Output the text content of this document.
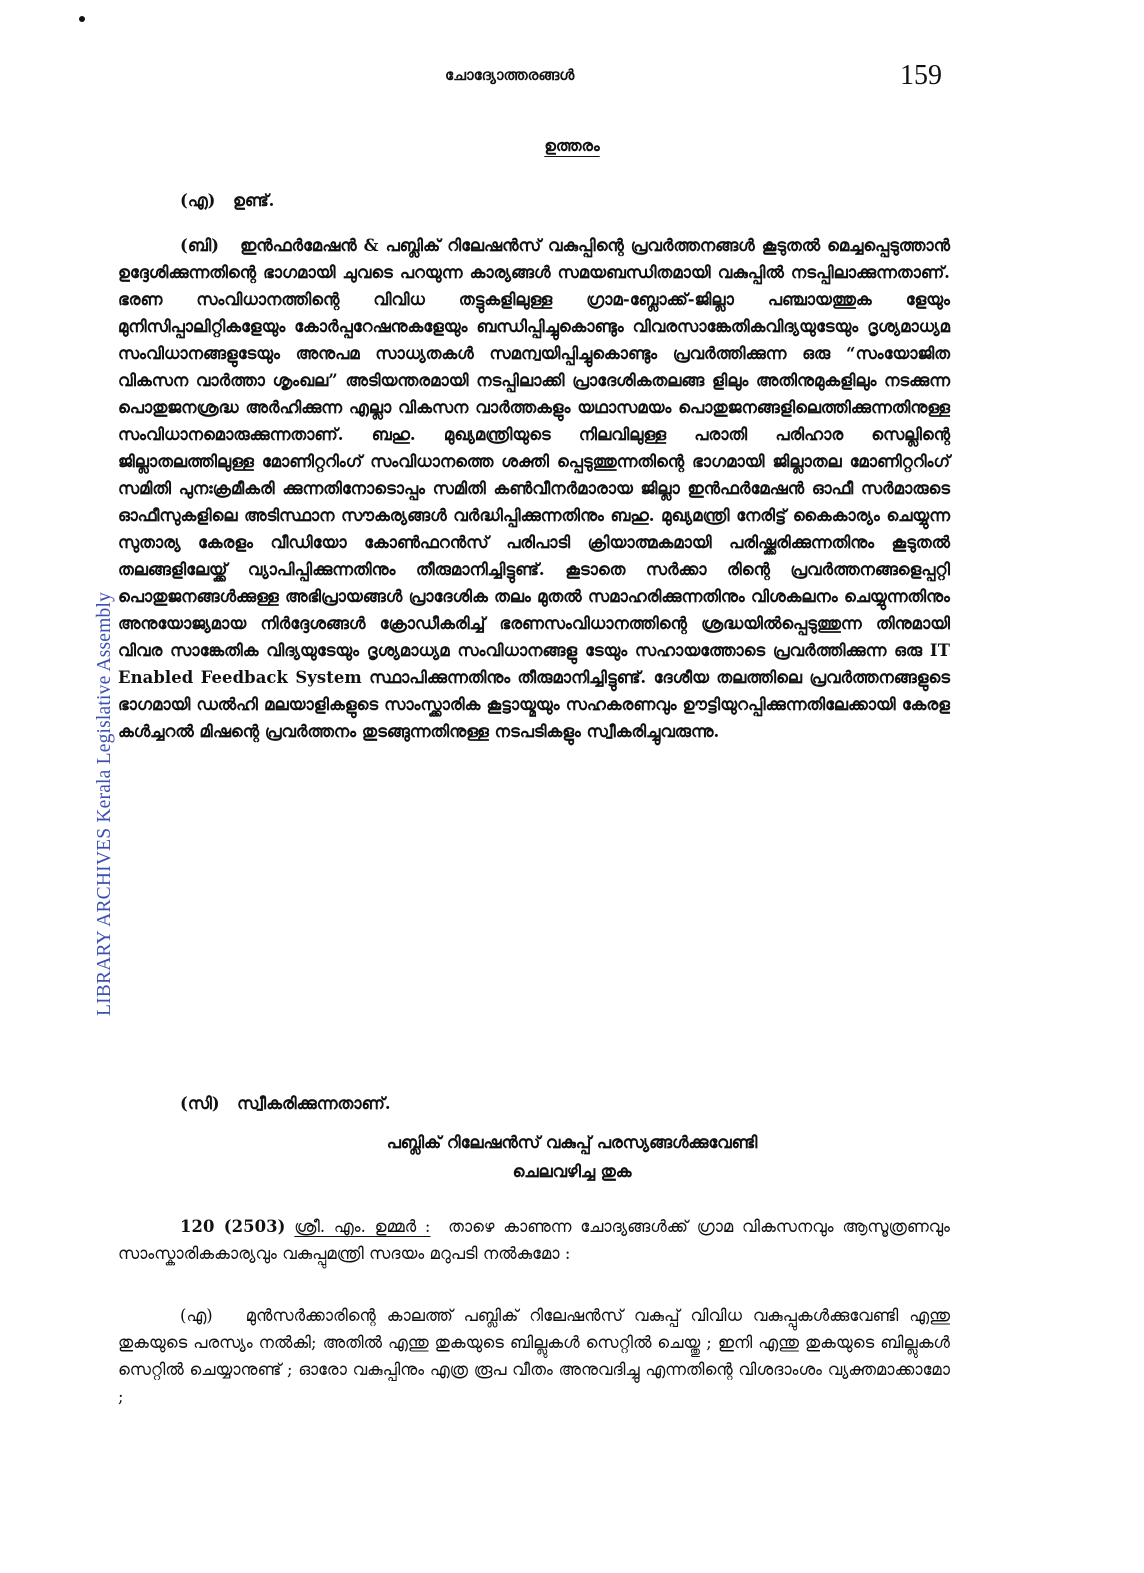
ചോദ്യോത്തരങ്ങൾ	159
ഉത്തരം

(എ) ഉണ്ട്.

(ബി) ഇൻഫർമേഷൻ & പബ്ലിക് റിലേഷൻസ് വകുപ്പിന്റെ പ്രവർത്തനങ്ങൾ കൂടുതൽ മെച്ചപ്പെടുത്താൻ ഉദ്ദേശിക്കുന്നതിന്റെ ഭാഗമായി ചുവടെ പറയുന്ന കാര്യങ്ങൾ സമയബന്ധിതമായി വകുപ്പിൽ നടപ്പിലാക്കുന്നതാണ്. ഭരണ സംവിധാനത്തിന്റെ വിവിധ തട്ടുകളിലുള്ള ഗ്രാമ-ബ്ലോക്ക്-ജില്ലാ പഞ്ചായത്തുക ളേയും മുനിസിപ്പാലിറ്റികളേയും കോർപ്പറേഷനുകളേയും ബന്ധിപ്പിച്ചുകൊണ്ടും വിവരസാങ്കേതികവിദ്യയുടേയും ദൃശ്യമാധ്യമ സംവിധാനങ്ങളുടേയും അനുപമ സാധ്യതകൾ സമന്വയിപ്പിച്ചുകൊണ്ടും പ്രവർത്തിക്കുന്ന ഒരു “സംയോജിത വികസന വാർത്താ ശൃംഖല” അടിയന്തരമായി നടപ്പിലാക്കി പ്രാദേശികതലങ്ങ ളിലും അതിനുമുകളിലും നടക്കുന്ന പൊതുജനശ്രദ്ധ അർഹിക്കുന്ന എല്ലാ വികസന വാർത്തകളും യഥാസമയം പൊതുജനങ്ങളിലെത്തിക്കുന്നതിനുള്ള സംവിധാനമൊരുക്കുന്നതാണ്. ബഹു. മുഖ്യമന്ത്രിയുടെ നിലവിലുള്ള പരാതി പരിഹാര സെല്ലിന്റെ ജില്ലാതലത്തിലുള്ള മോണിറ്ററിംഗ് സംവിധാനത്തെ ശക്തി പ്പെടുത്തുന്നതിന്റെ ഭാഗമായി ജില്ലാതല മോണിറ്ററിംഗ് സമിതി പുനഃക്രമീകരി ക്കുന്നതിനോടൊപ്പം സമിതി കൺവീനർമാരായ ജില്ലാ ഇൻഫർമേഷൻ ഓഫീ സർമാരുടെ ഓഫീസുകളിലെ അടിസ്ഥാന സൗകര്യങ്ങൾ വർദ്ധിപ്പിക്കുന്നതിനും ബഹു. മുഖ്യമന്ത്രി നേരിട്ട് കൈകാര്യം ചെയ്യുന്ന സുതാര്യ കേരളം വീഡിയോ കോൺഫറൻസ് പരിപാടി ക്രിയാത്മകമായി പരിഷ്ക്കരിക്കുന്നതിനും കൂടുതൽ തലങ്ങളിലേയ്ക്ക് വ്യാപിപ്പിക്കുന്നതിനും തീരുമാനിച്ചിട്ടുണ്ട്. കൂടാതെ സർക്കാ രിന്റെ പ്രവർത്തനങ്ങളെപ്പറ്റി പൊതുജനങ്ങൾക്കുള്ള അഭിപ്രായങ്ങൾ പ്രാദേശിക തലം മുതൽ സമാഹരിക്കുന്നതിനും വിശകലനം ചെയ്യുന്നതിനും അനുയോജ്യമായ നിർദ്ദേശങ്ങൾ ക്രോഡീകരിച്ച് ഭരണസംവിധാനത്തിന്റെ ശ്രദ്ധയിൽപ്പെടുത്തുന്ന തിനുമായി വിവര സാങ്കേതിക വിദ്യയുടേയും ദൃശ്യമാധ്യമ സംവിധാനങ്ങളു ടേയും സഹായത്തോടെ പ്രവർത്തിക്കുന്ന ഒരു IT Enabled Feedback System സ്ഥാപിക്കുന്നതിനും തീരുമാനിച്ചിട്ടുണ്ട്. ദേശീയ തലത്തിലെ പ്രവർത്തനങ്ങളുടെ ഭാഗമായി ഡൽഹി മലയാളികളുടെ സാംസ്ക്കാരിക കൂട്ടായ്മയും സഹകരണവും ഊട്ടിയുറപ്പിക്കുന്നതിലേക്കായി കേരള കൾച്ചറൽ മിഷന്റെ പ്രവർത്തനം തുടങ്ങുന്നതിനുള്ള നടപടികളും സ്വീകരിച്ചുവരുന്നു.

(സി) സ്വീകരിക്കുന്നതാണ്.

പബ്ലിക് റിലേഷൻസ് വകുപ്പ് പരസ്യങ്ങൾക്കുവേണ്ടി
ചെലവഴിച്ച തുക

120 (2503) ശ്രീ. എം. ഉമ്മർ : താഴെ കാണുന്ന ചോദ്യങ്ങൾക്ക് ഗ്രാമ വികസനവും ആസൂത്രണവും സാംസ്കാരികകാര്യവും വകുപ്പുമന്ത്രി സദയം മറുപടി നൽകുമോ :

(എ) മുൻസർക്കാരിന്റെ കാലത്ത് പബ്ലിക് റിലേഷൻസ് വകുപ്പ് വിവിധ വകുപ്പുകൾക്കുവേണ്ടി എന്തു തുകയുടെ പരസ്യം നൽകി; അതിൽ എന്തു തുകയുടെ ബില്ലുകൾ സെറ്റിൽ ചെയ്തു ; ഇനി എന്തു തുകയുടെ ബില്ലുകൾ സെറ്റിൽ ചെയ്യാനുണ്ട് ; ഓരോ വകുപ്പിനും എത്ര രൂപ വീതം അനുവദിച്ചു എന്നതിന്റെ വിശദാംശം വ്യക്തമാക്കാമോ ;

LIBRARY ARCHIVES Kerala Legislative Assembly
